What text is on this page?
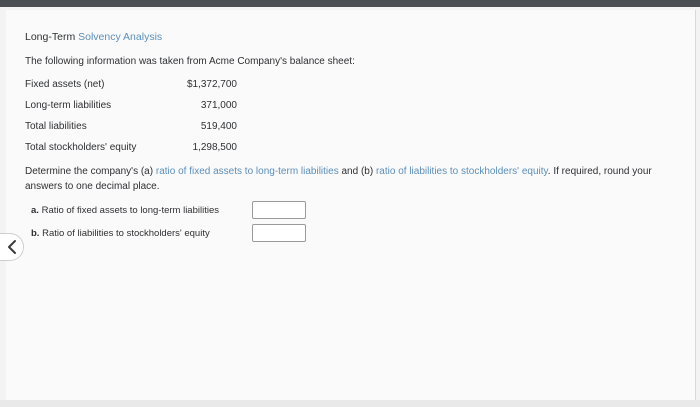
Long-Term Solvency Analysis
The following information was taken from Acme Company's balance sheet:
Fixed assets (net)	$1,372,700
Long-term liabilities	371,000
Total liabilities	519,400
Total stockholders' equity	1,298,500
Determine the company's (a) ratio of fixed assets to long-term liabilities and (b) ratio of liabilities to stockholders' equity. If required, round your answers to one decimal place.
a. Ratio of fixed assets to long-term liabilities
b. Ratio of liabilities to stockholders' equity
